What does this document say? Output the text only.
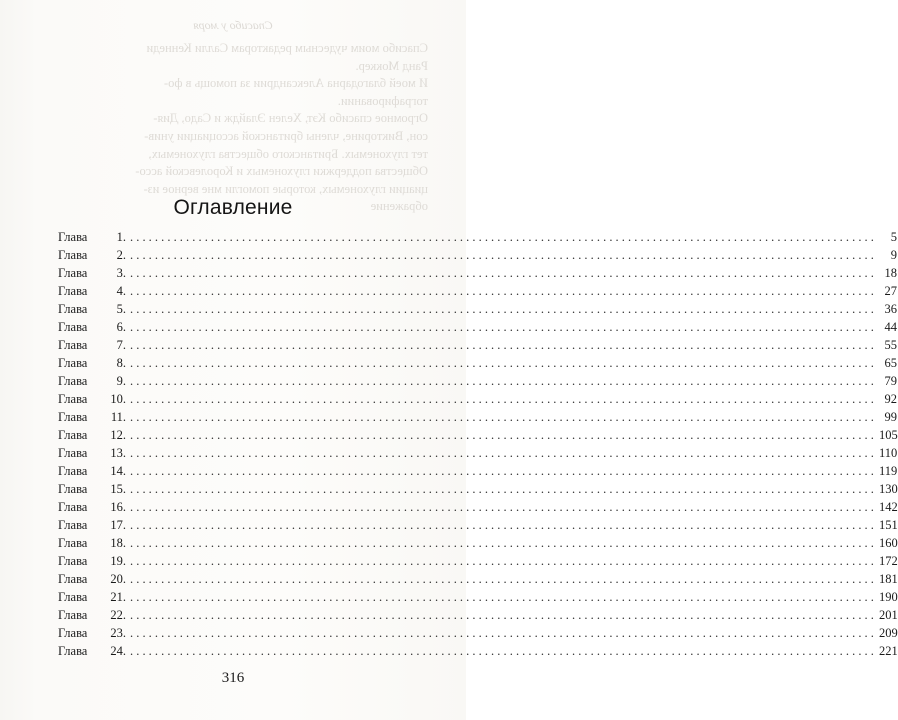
Спасибо у моря
Спасибо моим чудесным редакторам Салли Кеннеди
Ранд Моккер.
И моей благодарна Александрии за помощь в фо-
тографировании.
Огромное спасибо Кэт, Хелен Элайдж и Садо, Дия-
сон, Викторине, члены британской ассоциации унив-
тет глухонемых. Британского общества глухонемых,
Общества поддержки глухонемых и Королевской ассо-
циации глухонемых, которые помогли мне верное из-
ображение
Оглавление
Глава	1. ........................................................................................................................	5
Глава	2. ........................................................................................................................	9
Глава	3. ........................................................................................................................ 18
Глава	4. ........................................................................................................................ 27
Глава	5. ........................................................................................................................ 36
Глава	6. ........................................................................................................................ 44
Глава	7. ........................................................................................................................ 55
Глава	8. ........................................................................................................................ 65
Глава	9. ........................................................................................................................ 79
Глава	10. ........................................................................................................................ 92
Глава	11. ........................................................................................................................ 99
Глава	12. ........................................................................................................................ 105
Глава	13. ........................................................................................................................ 110
Глава	14. ........................................................................................................................ 119
Глава	15. ........................................................................................................................ 130
Глава	16. ........................................................................................................................ 142
Глава	17. ........................................................................................................................ 151
Глава	18. ........................................................................................................................ 160
Глава	19. ........................................................................................................................ 172
Глава	20. ........................................................................................................................ 181
Глава	21. ........................................................................................................................ 190
Глава	22. ........................................................................................................................ 201
Глава	23. ........................................................................................................................ 209
Глава	24. ........................................................................................................................ 221
316
